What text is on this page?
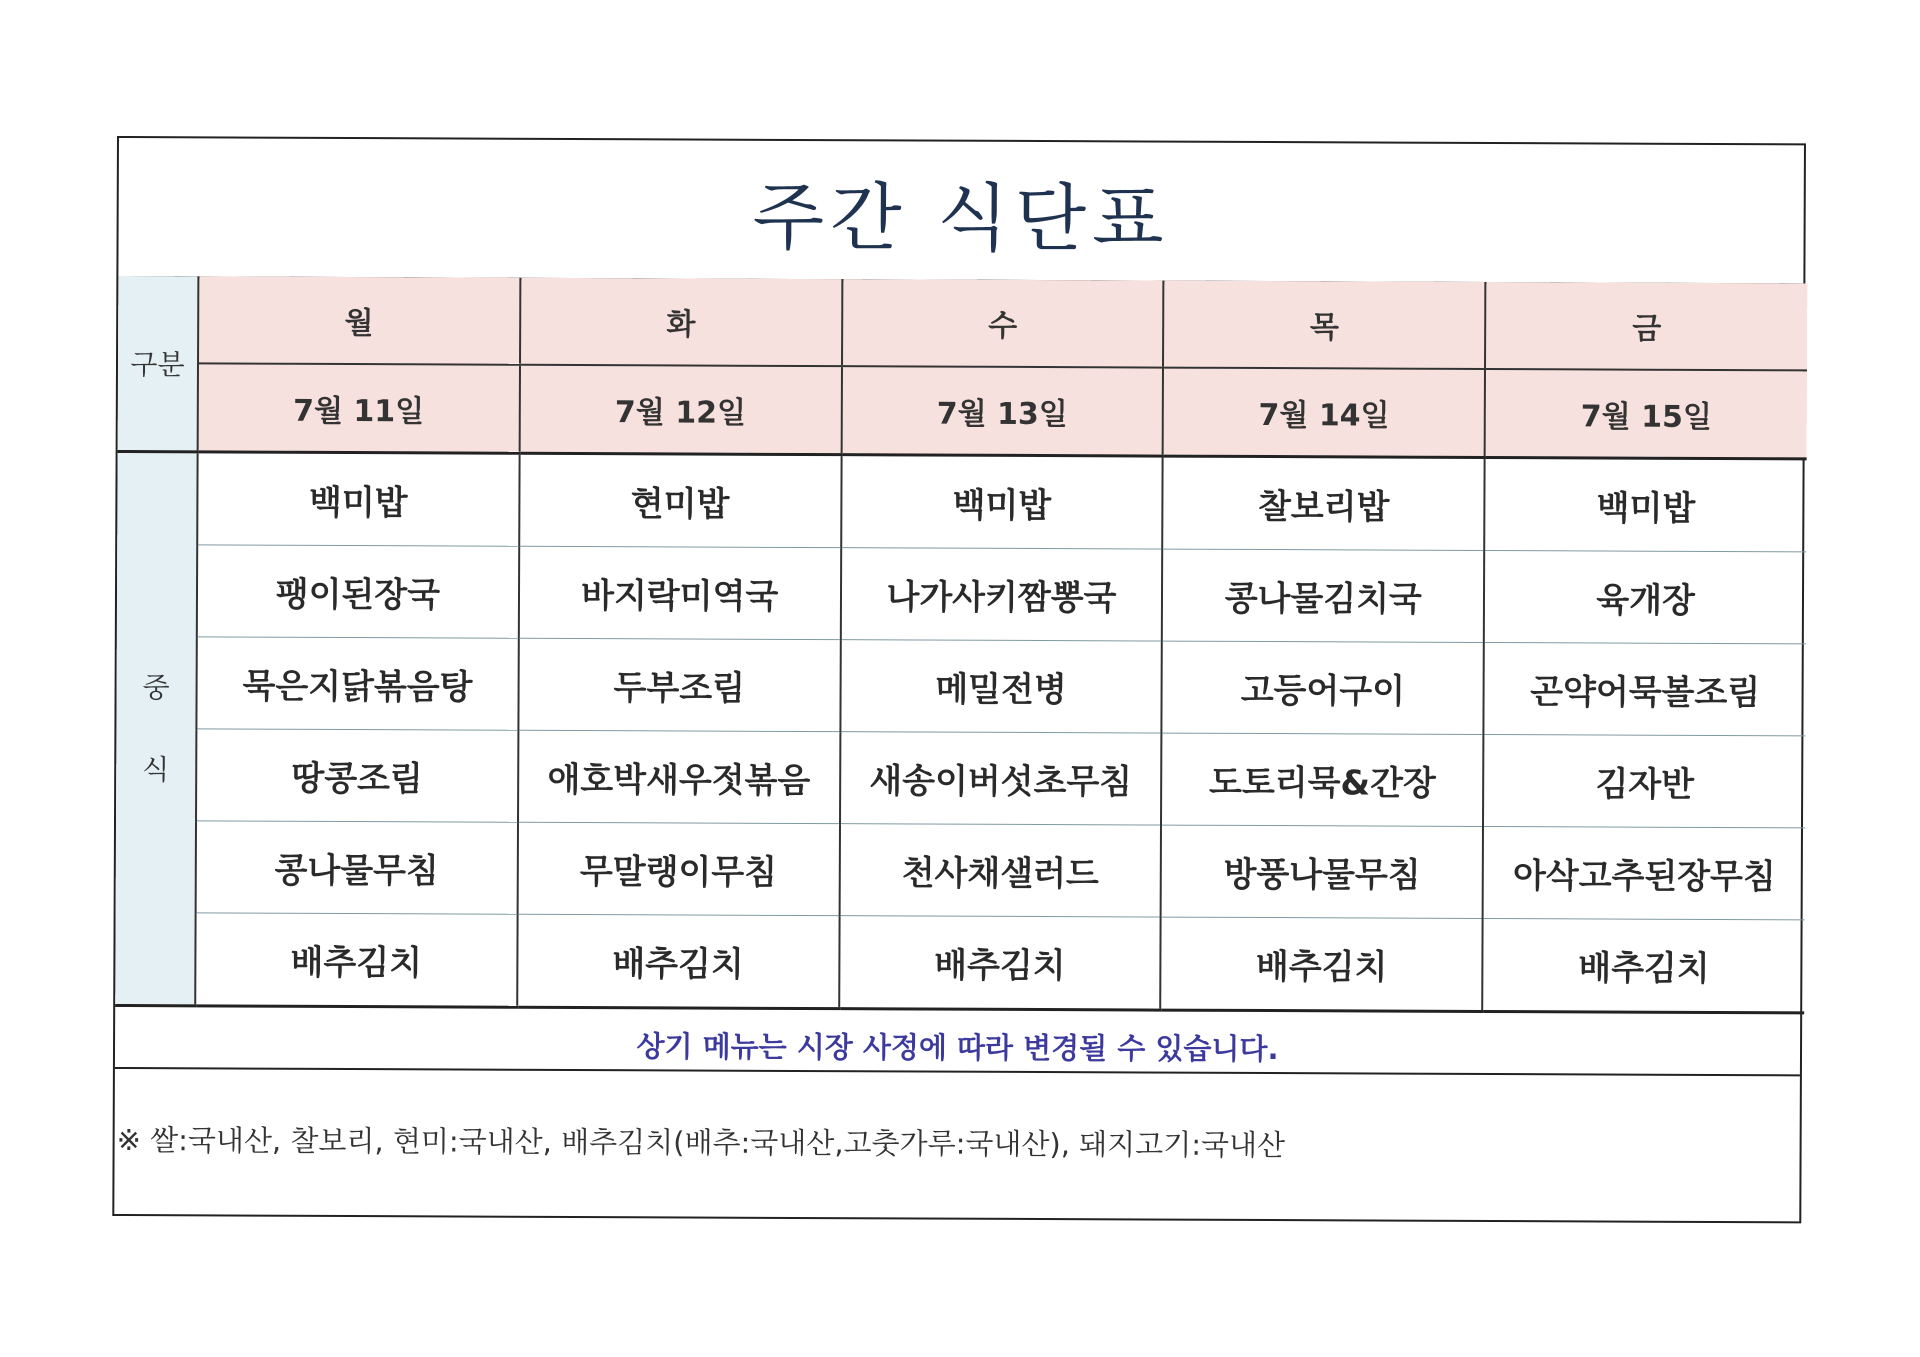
주간 식단표
구분	월	화	수	목	금
	7월 11일	7월 12일	7월 13일	7월 14일	7월 15일
중
식	백미밥	현미밥	백미밥	찰보리밥	백미밥
	팽이된장국	바지락미역국	나가사키짬뽕국	콩나물김치국	육개장
	묵은지닭볶음탕	두부조림	메밀전병	고등어구이	곤약어묵볼조림
	땅콩조림	애호박새우젓볶음	새송이버섯초무침	도토리묵&간장	김자반
	콩나물무침	무말랭이무침	천사채샐러드	방풍나물무침	아삭고추된장무침
	배추김치	배추김치	배추김치	배추김치	배추김치
상기 메뉴는 시장 사정에 따라 변경될 수 있습니다.
※ 쌀:국내산, 찰보리, 현미:국내산, 배추김치(배추:국내산,고춧가루:국내산), 돼지고기:국내산
